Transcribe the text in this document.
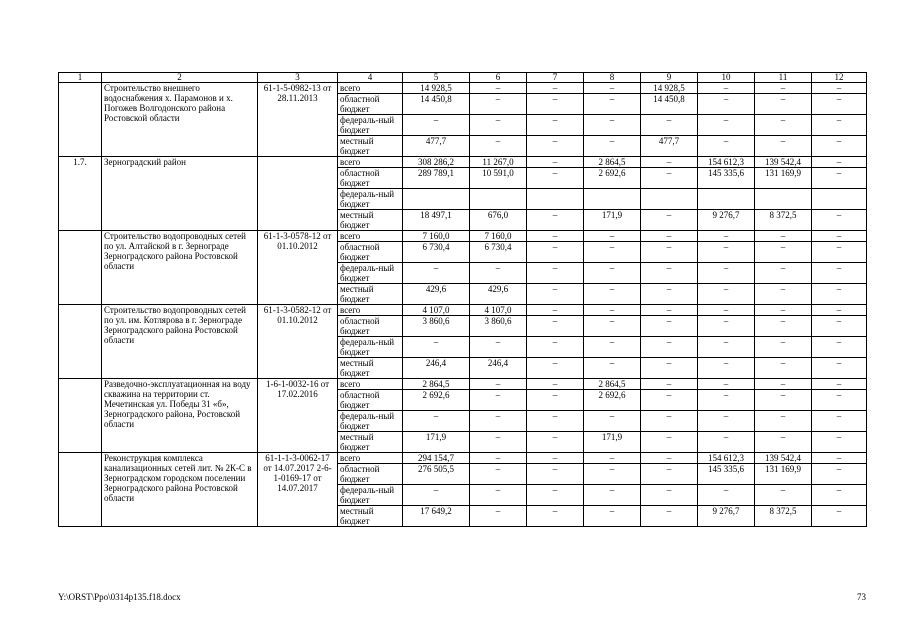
1	2	3	4	5	6	7	8	9	10	11	12
	Строительство внешнего водоснабжения х. Парамонов и х. Погожев Волгодонского района Ростовской области	61-1-5-0982-13 от 28.11.2013	всего	14 928,5	–	–	–	14 928,5	–	–	–
			областной бюджет	14 450,8	–	–	–	14 450,8	–	–	–
			федераль-ный бюджет	–	–	–	–	–	–	–	–
			местный бюджет	477,7	–	–	–	477,7	–	–	–
1.7.	Зерноградский район		всего	308 286,2	11 267,0	–	2 864,5	–	154 612,3	139 542,4	–
			областной бюджет	289 789,1	10 591,0	–	2 692,6	–	145 335,6	131 169,9	–
			федераль-ный бюджет								
			местный бюджет	18 497,1	676,0	–	171,9	–	9 276,7	8 372,5	–
	Строительство водопроводных сетей по ул. Алтайской в г. Зернограде Зерноградского района Ростовской области	61-1-3-0578-12 от 01.10.2012	всего	7 160,0	7 160,0	–	–	–	–	–	–
			областной бюджет	6 730,4	6 730,4	–	–	–	–	–	–
			федераль-ный бюджет	–	–	–	–	–	–	–	–
			местный бюджет	429,6	429,6	–	–	–	–	–	–
	Строительство водопроводных сетей по ул. им. Котлярова в г. Зернограде Зерноградского района Ростовской области	61-1-3-0582-12 от 01.10.2012	всего	4 107,0	4 107,0	–	–	–	–	–	–
			областной бюджет	3 860,6	3 860,6	–	–	–	–	–	–
			федераль-ный бюджет	–	–	–	–	–	–	–	–
			местный бюджет	246,4	246,4	–	–	–	–	–	–
	Разведочно-эксплуатационная на воду скважина на территории ст. Мечетинская ул. Победы 31 «б», Зерноградского района, Ростовской области	1-6-1-0032-16 от 17.02.2016	всего	2 864,5	–	–	2 864,5	–	–	–	–
			областной бюджет	2 692,6	–	–	2 692,6	–	–	–	–
			федераль-ный бюджет	–	–	–	–	–	–	–	–
			местный бюджет	171,9	–	–	171,9	–	–	–	–
	Реконструкция комплекса канализационных сетей лит. № 2К-С в Зерноградском городском поселении Зерноградского района Ростовской области	61-1-1-3-0062-17 от 14.07.2017 2-6-1-0169-17 от 14.07.2017	всего	294 154,7	–	–	–	–	154 612,3	139 542,4	–
			областной бюджет	276 505,5	–	–	–	–	145 335,6	131 169,9	–
			федераль-ный бюджет	–	–	–	–	–	–	–	–
			местный бюджет	17 649,2	–	–	–	–	9 276,7	8 372,5	–
Y:\ORST\Ppo\0314p135.f18.docx	73
